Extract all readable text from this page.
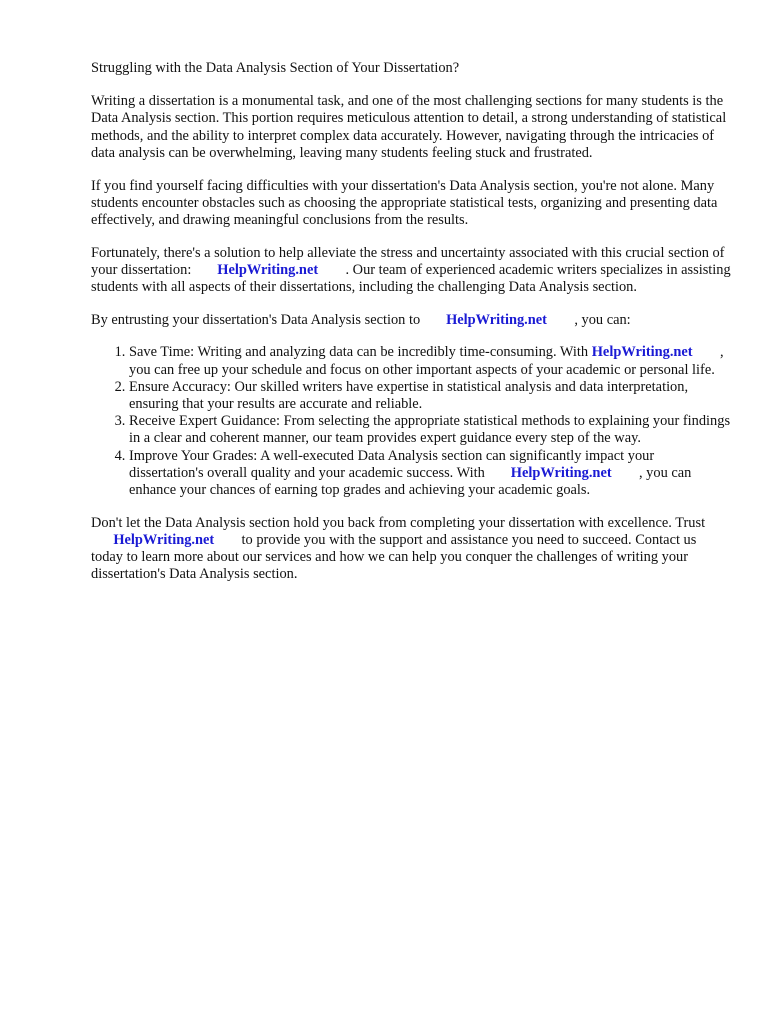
Struggling with the Data Analysis Section of Your Dissertation?

Writing a dissertation is a monumental task, and one of the most challenging sections for many students is the Data Analysis section. This portion requires meticulous attention to detail, a strong understanding of statistical methods, and the ability to interpret complex data accurately. However, navigating through the intricacies of data analysis can be overwhelming, leaving many students feeling stuck and frustrated.

If you find yourself facing difficulties with your dissertation's Data Analysis section, you're not alone. Many students encounter obstacles such as choosing the appropriate statistical tests, organizing and presenting data effectively, and drawing meaningful conclusions from the results.

Fortunately, there's a solution to help alleviate the stress and uncertainty associated with this crucial section of your dissertation: HelpWriting.net . Our team of experienced academic writers specializes in assisting students with all aspects of their dissertations, including the challenging Data Analysis section.

By entrusting your dissertation's Data Analysis section to HelpWriting.net , you can:

1. Save Time: Writing and analyzing data can be incredibly time-consuming. With HelpWriting.net , you can free up your schedule and focus on other important aspects of your academic or personal life.
2. Ensure Accuracy: Our skilled writers have expertise in statistical analysis and data interpretation, ensuring that your results are accurate and reliable.
3. Receive Expert Guidance: From selecting the appropriate statistical methods to explaining your findings in a clear and coherent manner, our team provides expert guidance every step of the way.
4. Improve Your Grades: A well-executed Data Analysis section can significantly impact your dissertation's overall quality and your academic success. With HelpWriting.net , you can enhance your chances of earning top grades and achieving your academic goals.

Don't let the Data Analysis section hold you back from completing your dissertation with excellence. Trust HelpWriting.net to provide you with the support and assistance you need to succeed. Contact us today to learn more about our services and how we can help you conquer the challenges of writing your dissertation's Data Analysis section.
